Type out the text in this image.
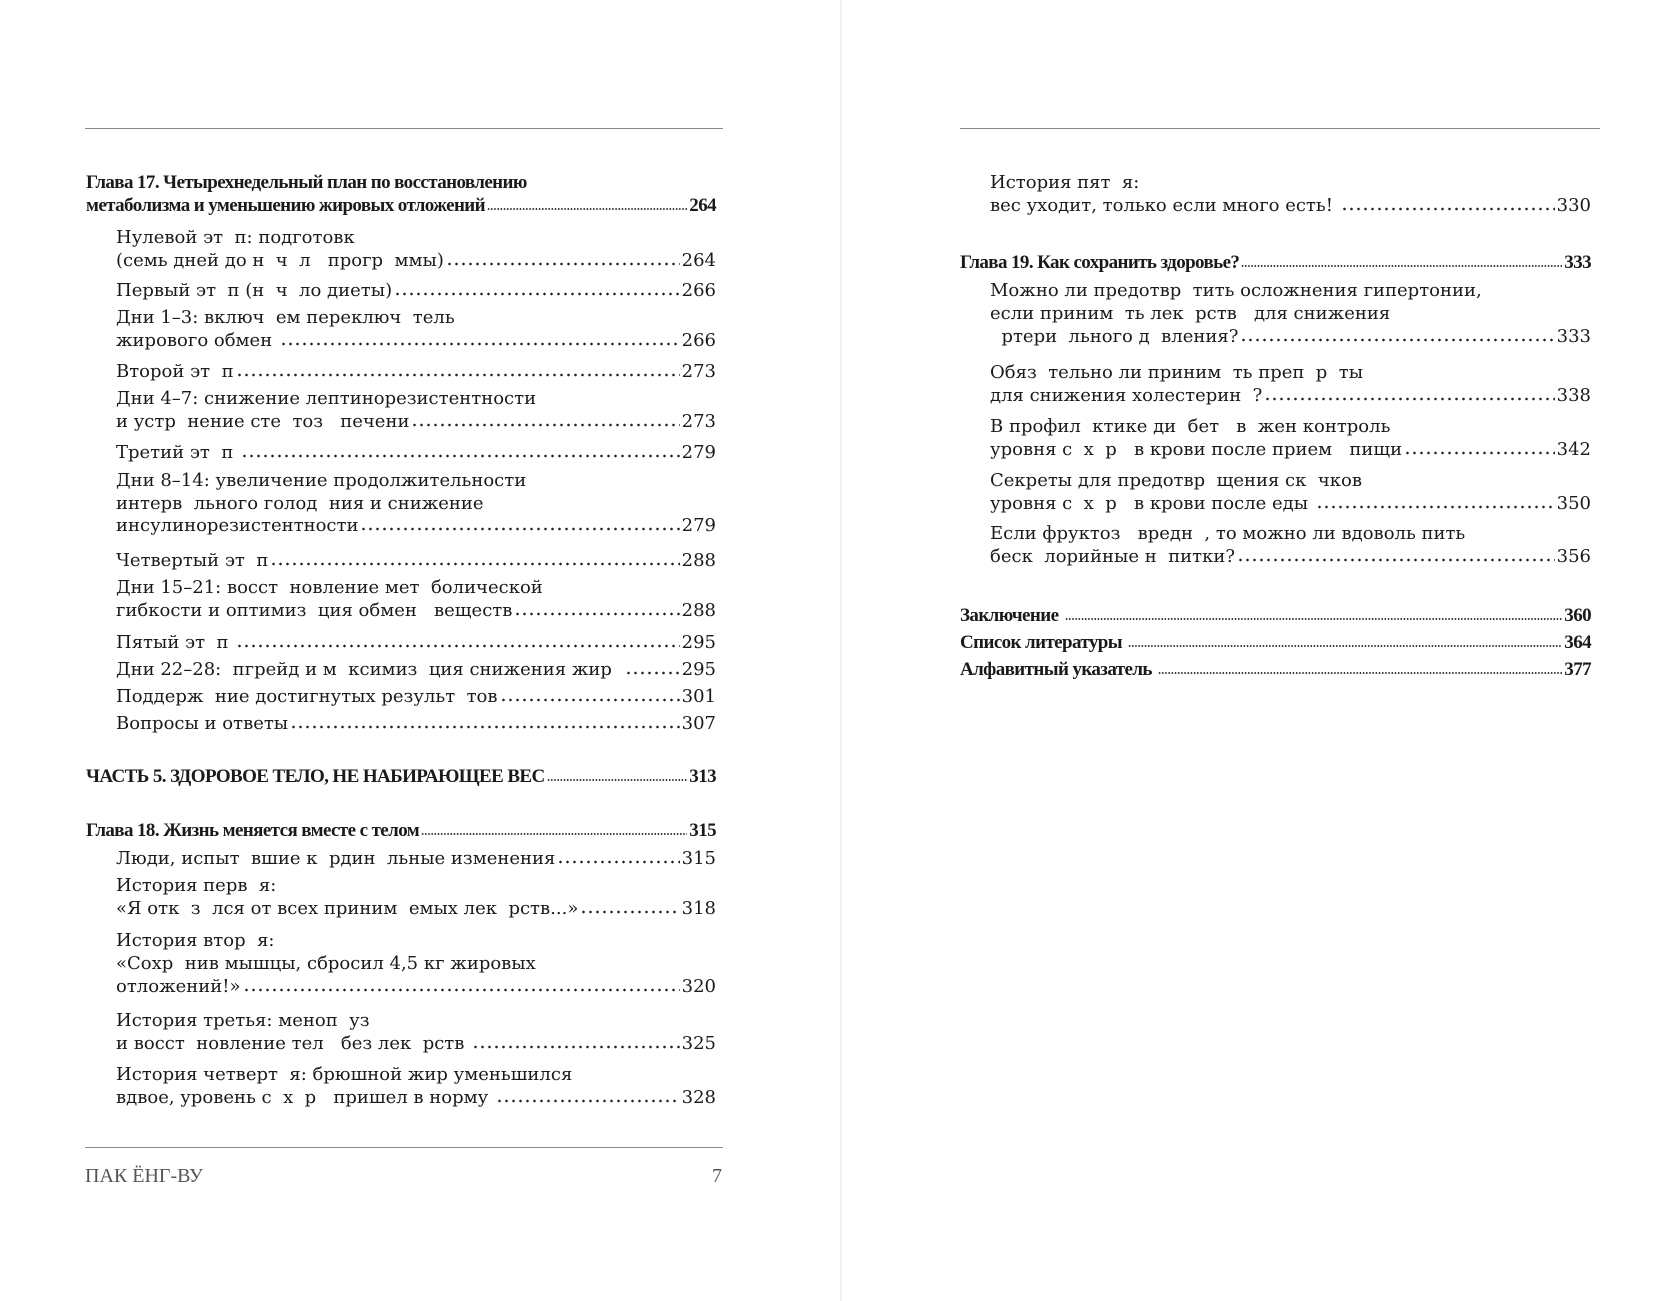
Глава 17. Четырехнедельный план по восстановлению
метаболизма и уменьшению жировых отложений	264
Нулевой эт  п: подготовк
(семь дней до н  ч  л   прогр  ммы)	264
Первый эт  п (н  ч  ло диеты)	266
Дни 1–3: включ  ем переключ  тель
жирового обмен	266
Второй эт  п	273
Дни 4–7: снижение лептинорезистентности
и устр  нение сте  тоз   печени	273
Третий эт  п	279
Дни 8–14: увеличение продолжительности
интерв  льного голод  ния и снижение
инсулинорезистентности	279
Четвертый эт  п	288
Дни 15–21: восст  новление мет  болической
гибкости и оптимиз  ция обмен   веществ	288
Пятый эт  п	295
Дни 22–28:  пгрейд и м  ксимиз  ция снижения жир	295
Поддерж  ние достигнутых результ  тов	301
Вопросы и ответы	307
ЧАСТЬ 5. ЗДОРОВОЕ ТЕЛО, НЕ НАБИРАЮЩЕЕ ВЕС	313
Глава 18. Жизнь меняется вместе с телом	315
Люди, испыт  вшие к  рдин  льные изменения	315
История перв  я:
«Я отк  з  лся от всех приним  емых лек  рств...»	318
История втор  я:
«Сохр  нив мышцы, сбросил 4,5 кг жировых
отложений!»	320
История третья: меноп  уз
и восст  новление тел   без лек  рств	325
История четверт  я: брюшной жир уменьшился
вдвое, уровень с  х  р   пришел в норму	328
ПАК ЁНГ-ВУ	7
История пят  я:
вес уходит, только если много есть!	330
Глава 19. Как сохранить здоровье?	333
Можно ли предотвр  тить осложнения гипертонии,
если приним  ть лек  рств   для снижения
ртери  льного д  вления?	333
Обяз  тельно ли приним  ть преп  р  ты
для снижения холестерин  ?	338
В профил  ктике ди  бет   в  жен контроль
уровня с  х  р   в крови после прием   пищи	342
Секреты для предотвр  щения ск  чков
уровня с  х  р   в крови после еды	350
Если фруктоз   вредн  , то можно ли вдоволь пить
беск  лорийные н  питки?	356
Заключение	360
Список литературы	364
Алфавитный указатель	377
